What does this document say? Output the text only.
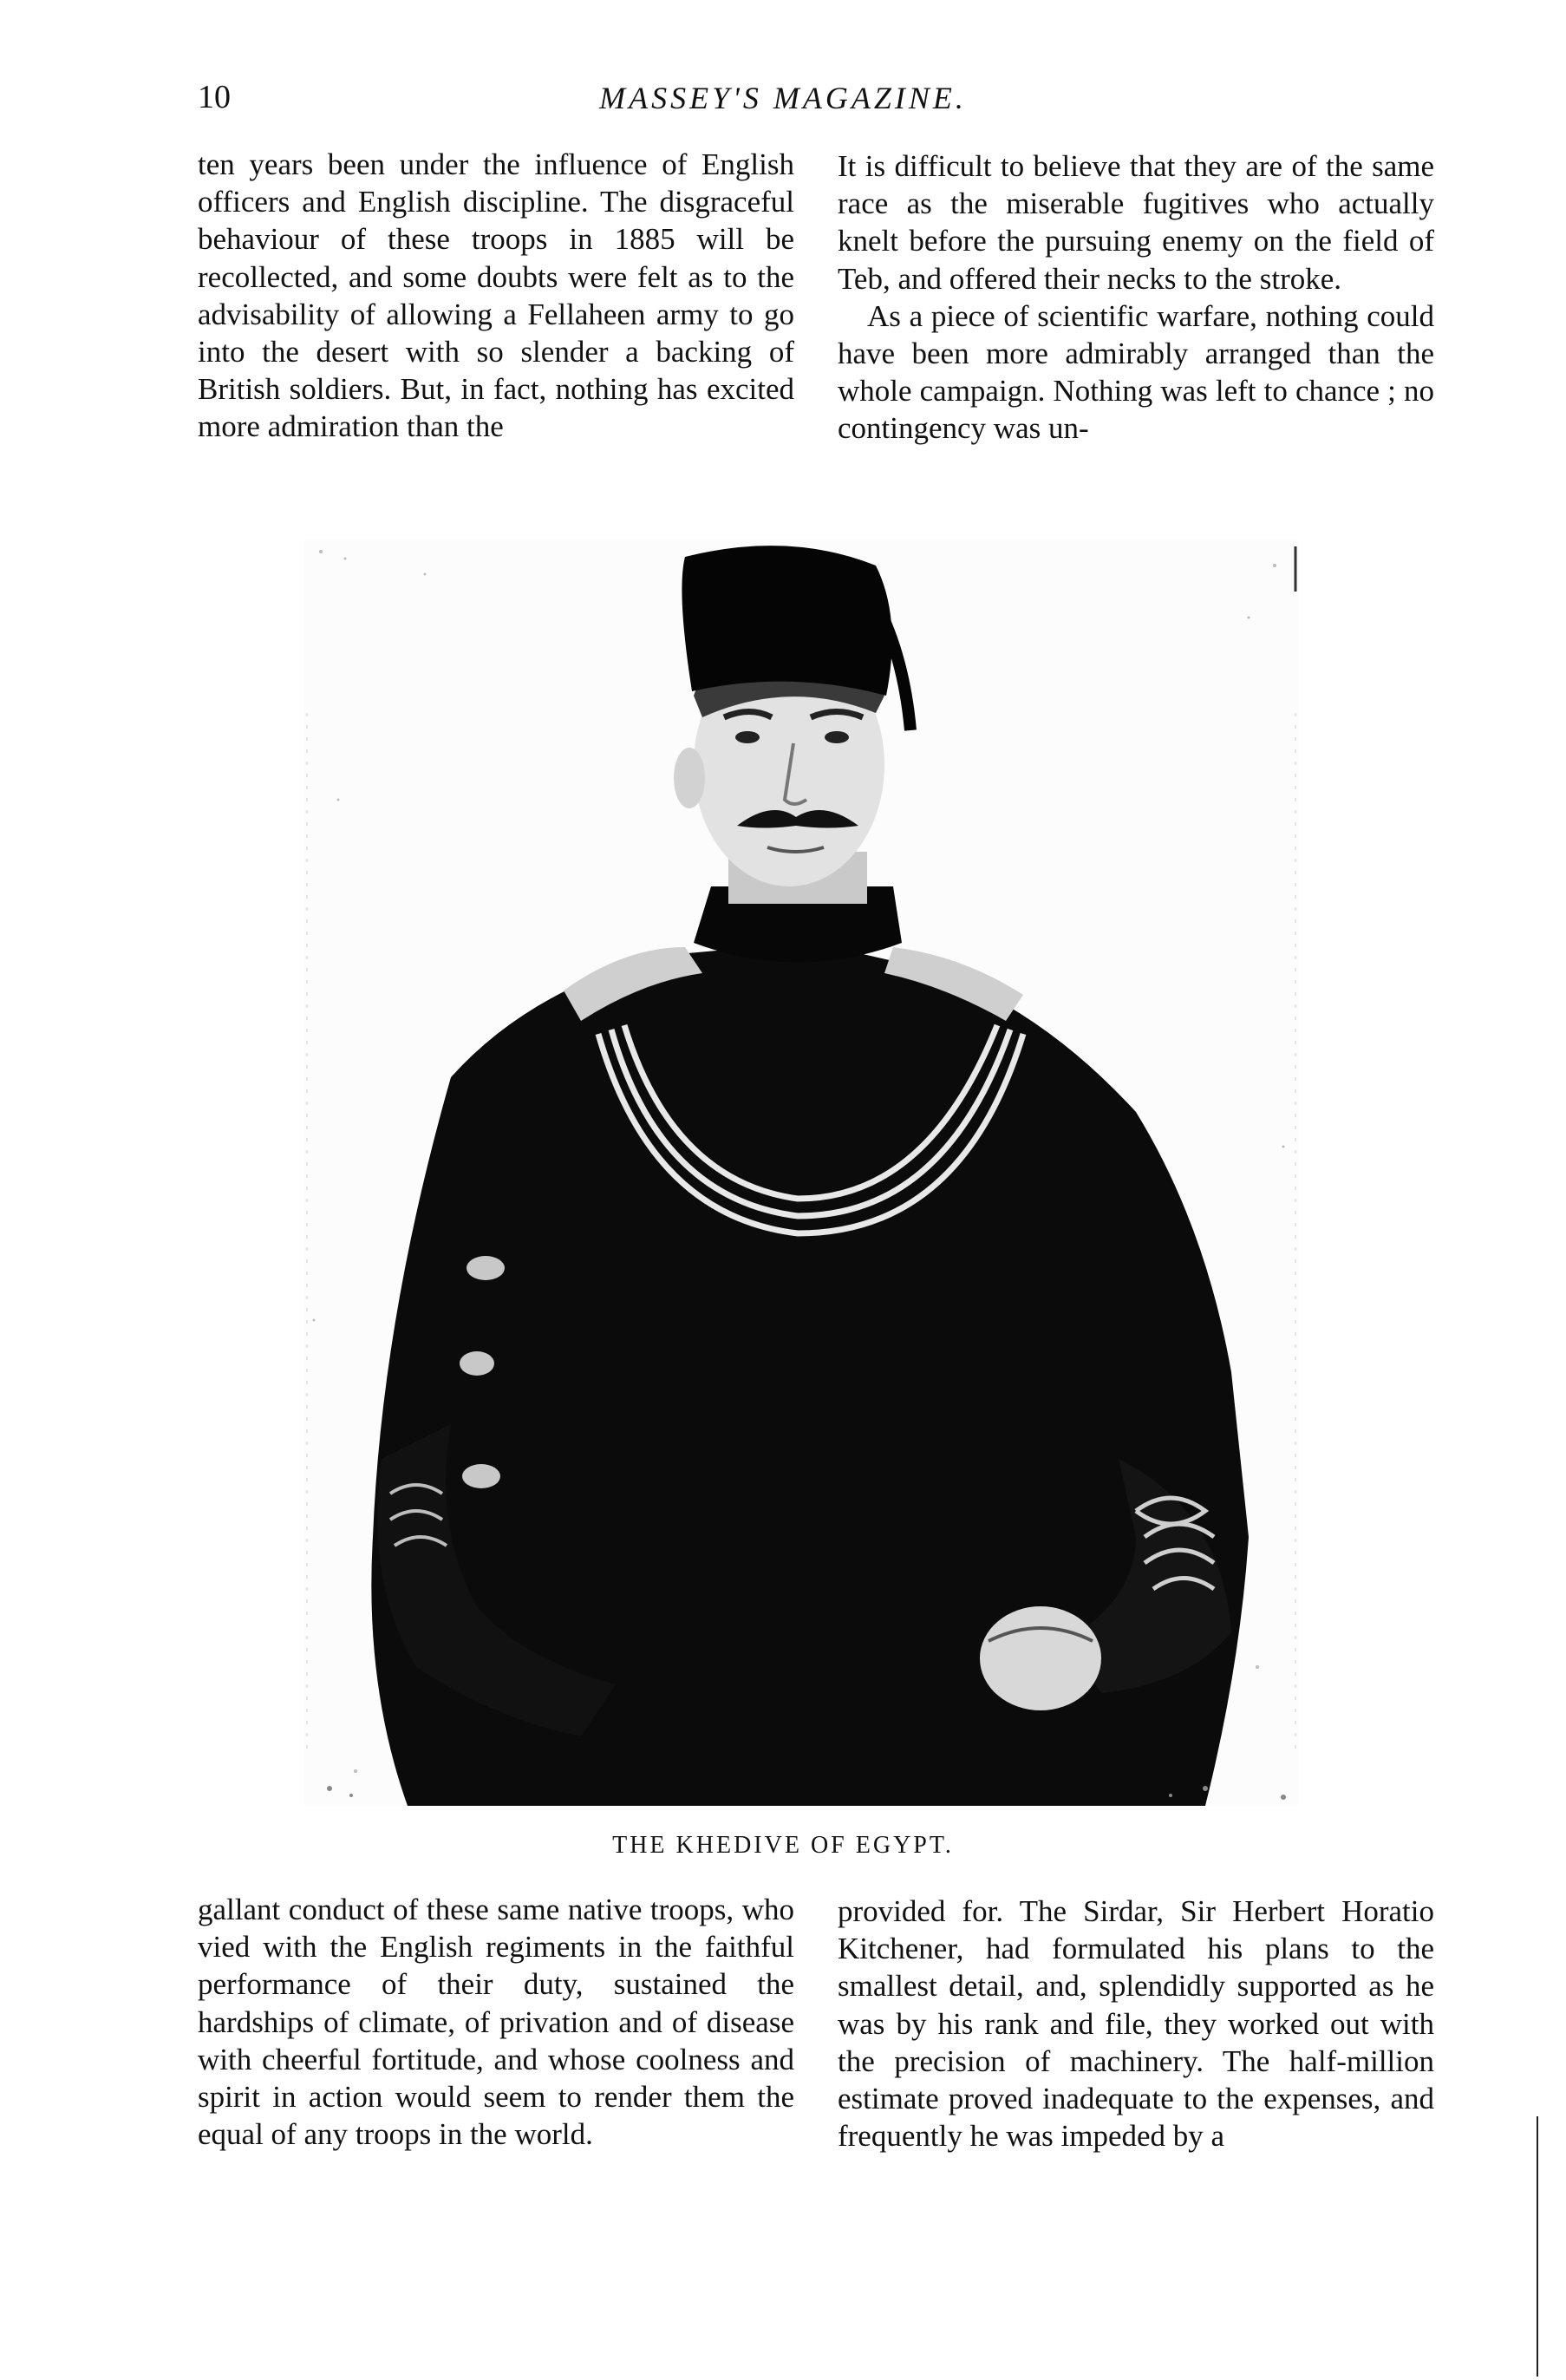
10	MASSEY'S MAGAZINE.

ten years been under the influence of English officers and English discipline. The disgraceful behaviour of these troops in 1885 will be recollected, and some doubts were felt as to the advisability of allowing a Fellaheen army to go into the desert with so slender a backing of British soldiers. But, in fact, nothing has excited more admiration than the

It is difficult to believe that they are of the same race as the miserable fugitives who actually knelt before the pursuing enemy on the field of Teb, and offered their necks to the stroke.

As a piece of scientific warfare, nothing could have been more admirably arranged than the whole campaign. Nothing was left to chance ; no contingency was un-

THE KHEDIVE OF EGYPT.

gallant conduct of these same native troops, who vied with the English regiments in the faithful performance of their duty, sustained the hardships of climate, of privation and of disease with cheerful fortitude, and whose coolness and spirit in action would seem to render them the equal of any troops in the world.

provided for. The Sirdar, Sir Herbert Horatio Kitchener, had formulated his plans to the smallest detail, and, splendidly supported as he was by his rank and file, they worked out with the precision of machinery. The half-million estimate proved inadequate to the expenses, and frequently he was impeded by a
